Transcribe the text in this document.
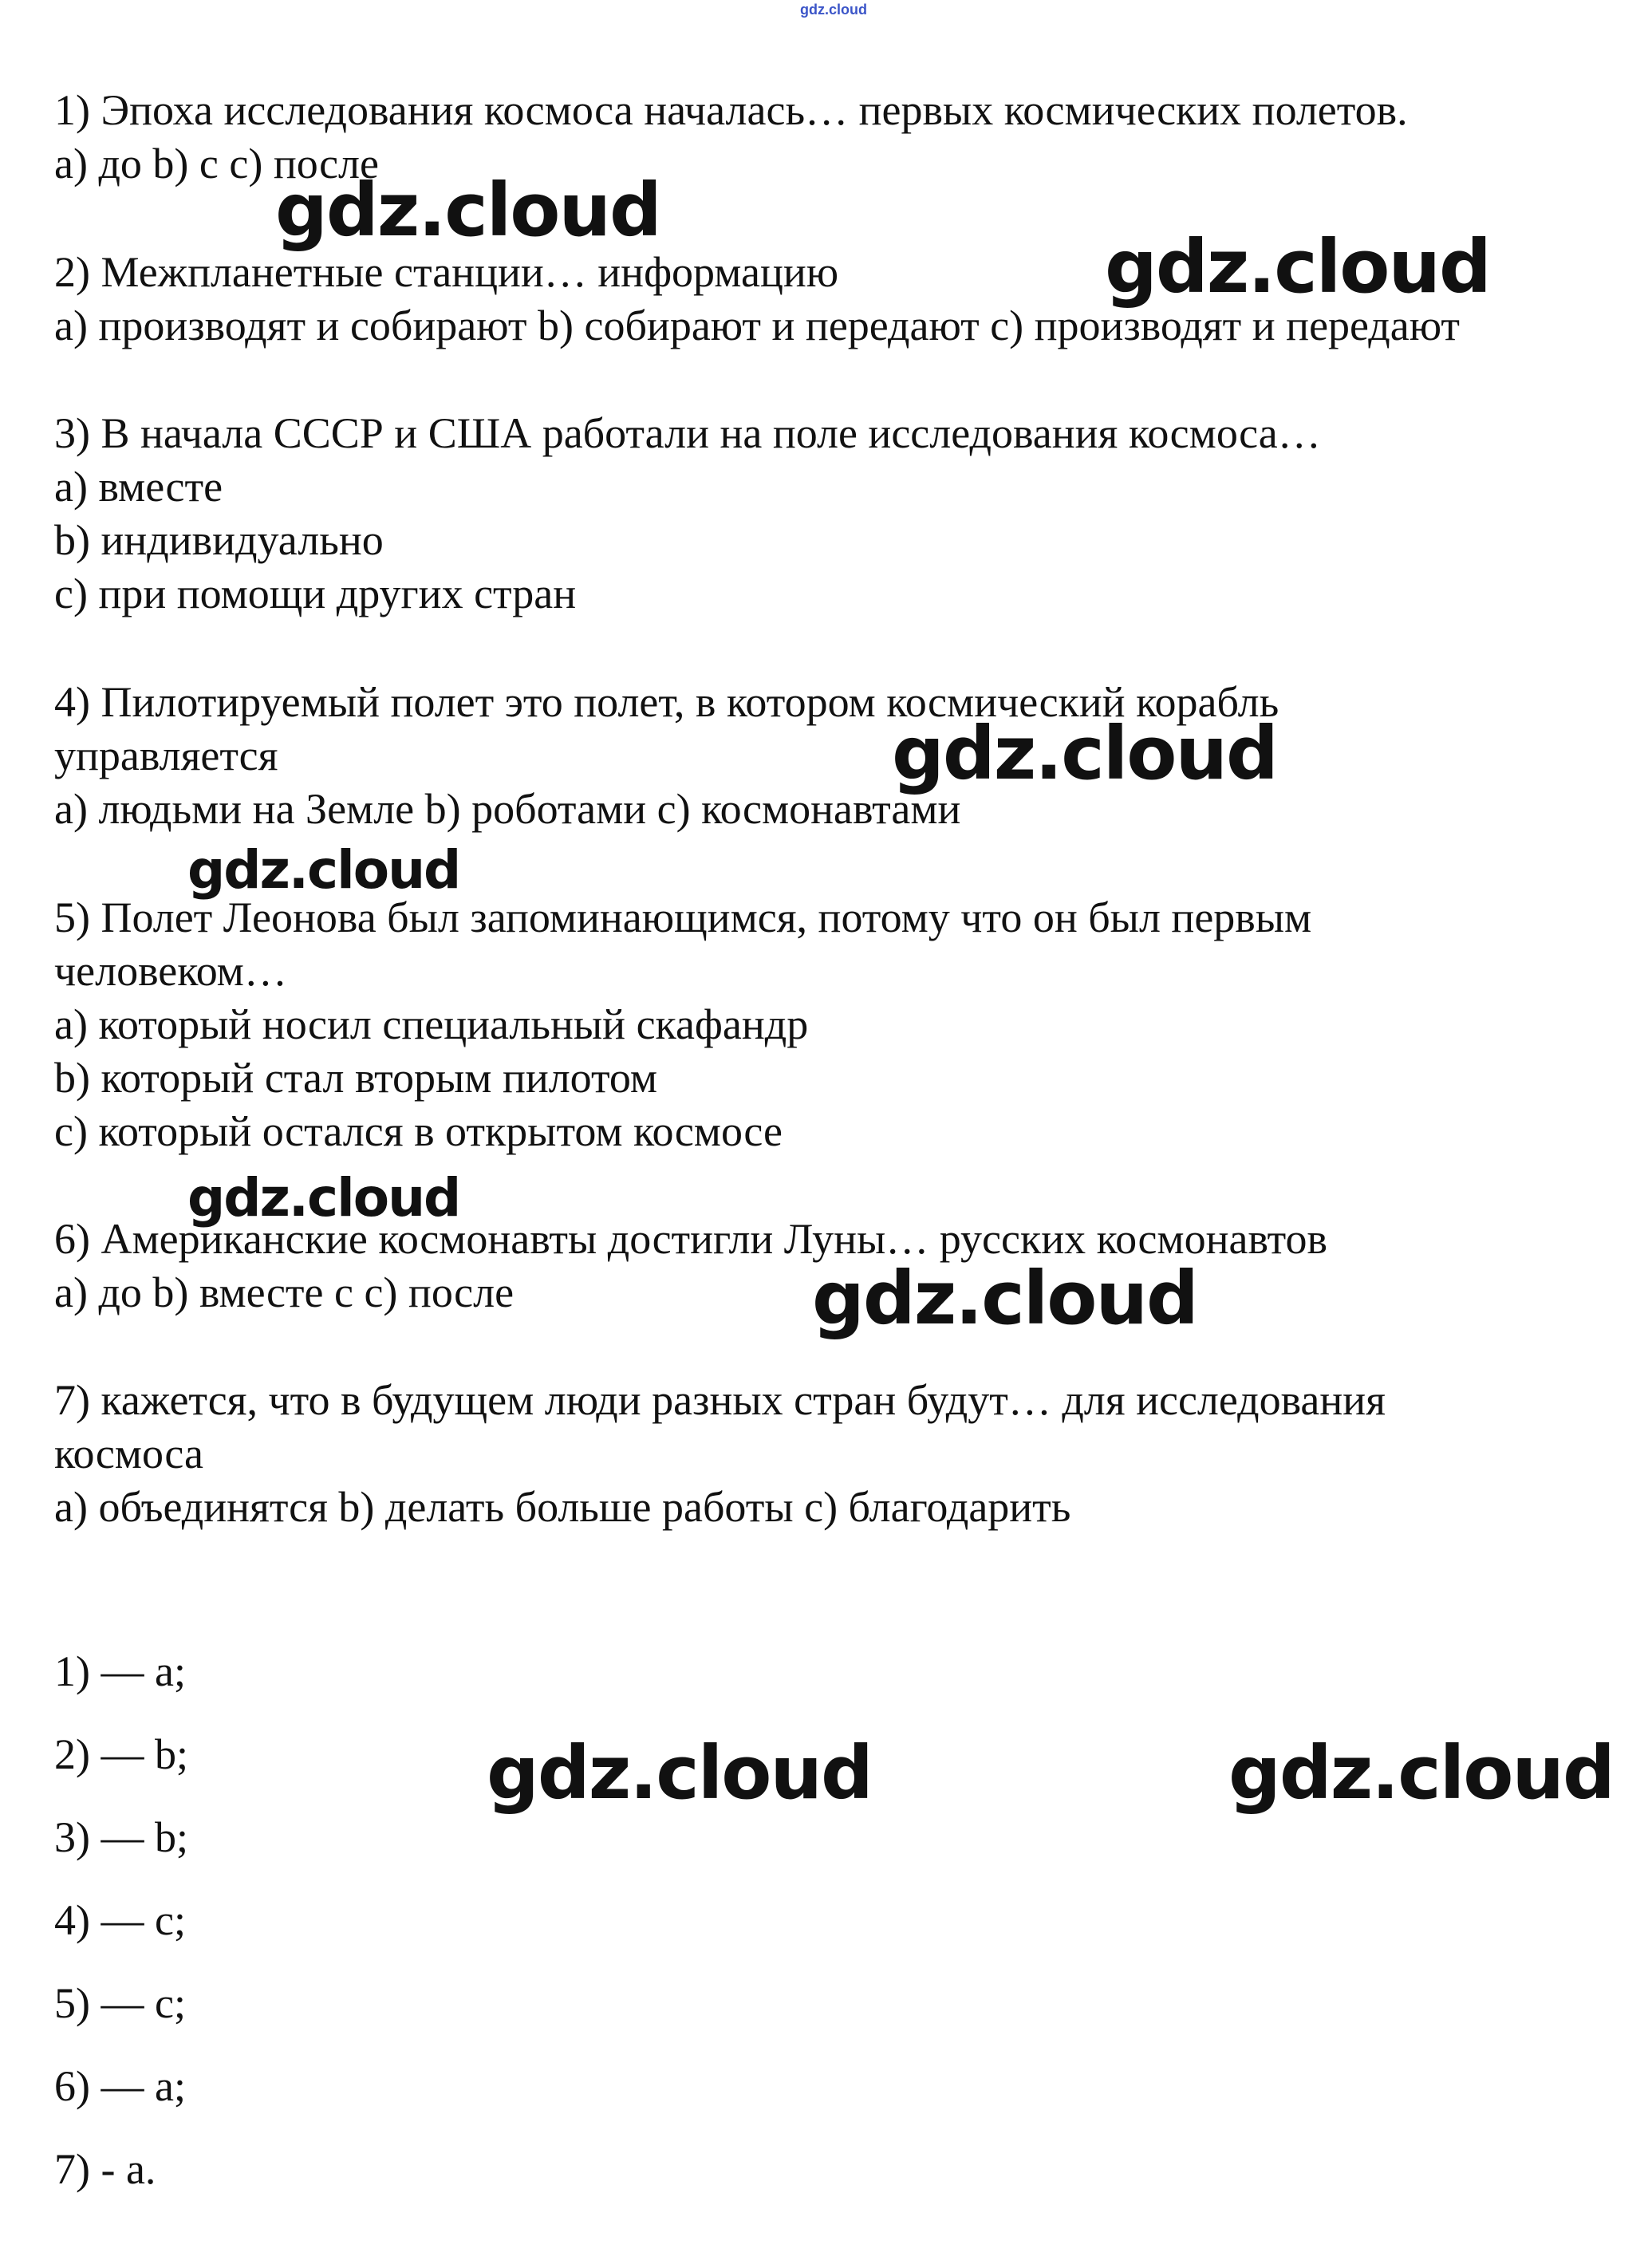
gdz.cloud
1) Эпоха исследования космоса началась… первых космических полетов.
a) до b) с c) после
2) Межпланетные станции… информацию
a) производят и собирают b) собирают и передают c) производят и передают
3) В начала СССР и США работали на поле исследования космоса…
a) вместе
b) индивидуально
c) при помощи других стран
4) Пилотируемый полет это полет, в котором космический корабль
управляется
a) людьми на Земле b) роботами c) космонавтами
5) Полет Леонова был запоминающимся, потому что он был первым
человеком…
a) который носил специальный скафандр
b) который стал вторым пилотом
c) который остался в открытом космосе
6) Американские космонавты достигли Луны… русских космонавтов
a) до b) вместе с c) после
7) кажется, что в будущем люди разных стран будут… для исследования
космоса
a) объединятся b) делать больше работы c) благодарить
1) — a;
2) — b;
3) — b;
4) — c;
5) — c;
6) — a;
7) - a.
gdz.cloud
gdz.cloud
gdz.cloud
gdz.cloud
gdz.cloud
gdz.cloud
gdz.cloud	gdz.cloud
